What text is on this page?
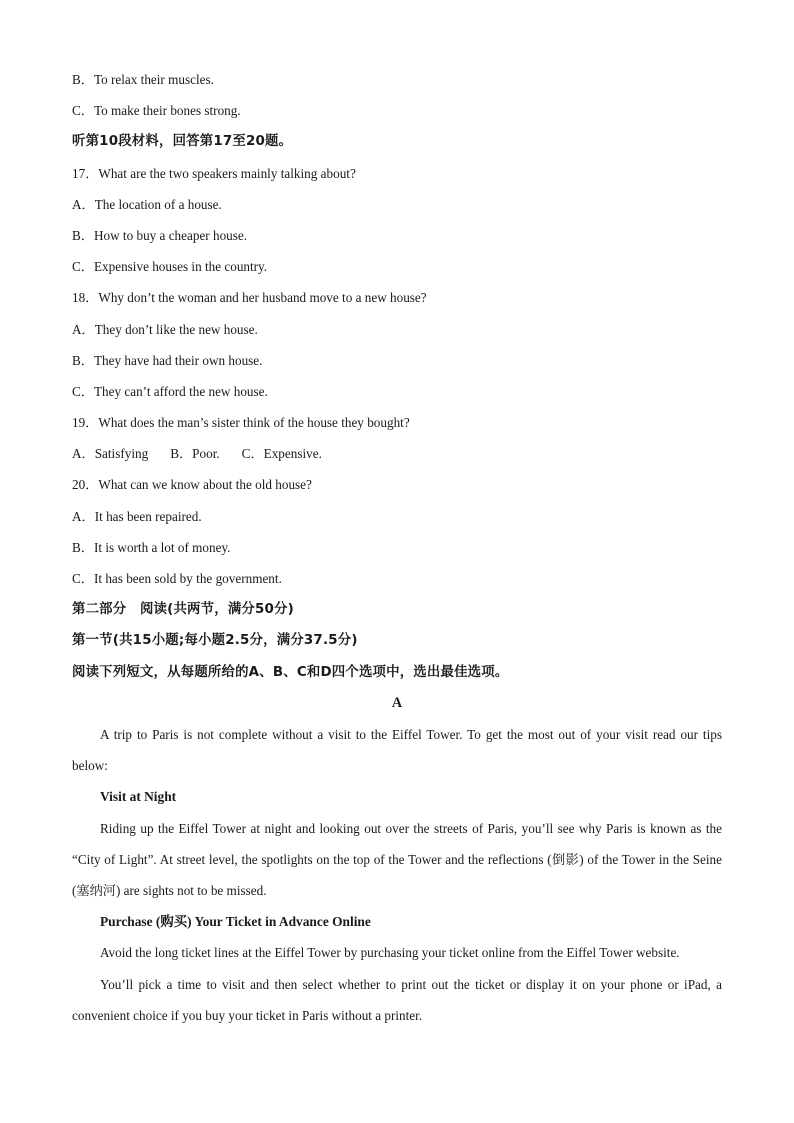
B．To relax their muscles.

C．To make their bones strong.

听第10段材料，回答第17至20题。

17．What are the two speakers mainly talking about?

A．The location of a house.

B．How to buy a cheaper house.

C．Expensive houses in the country.

18．Why don’t the woman and her husband move to a new house?

A．They don’t like the new house.

B．They have had their own house.

C．They can’t afford the new house.

19．What does the man’s sister think of the house they bought?

A．Satisfying B．Poor. C．Expensive.

20．What can we know about the old house?

A．It has been repaired.

B．It is worth a lot of money.

C．It has been sold by the government.

第二部分　阅读(共两节，满分50分)

第一节(共15小题;每小题2.5分，满分37.5分)

阅读下列短文，从每题所给的A、B、C和D四个选项中，选出最佳选项。

A

A trip to Paris is not complete without a visit to the Eiffel Tower. To get the most out of your visit read our tips below:

Visit at Night

Riding up the Eiffel Tower at night and looking out over the streets of Paris, you’ll see why Paris is known as the “City of Light”. At street level, the spotlights on the top of the Tower and the reflections (倒影) of the Tower in the Seine (塞纳河) are sights not to be missed.

Purchase (购买) Your Ticket in Advance Online

Avoid the long ticket lines at the Eiffel Tower by purchasing your ticket online from the Eiffel Tower website.

You’ll pick a time to visit and then select whether to print out the ticket or display it on your phone or iPad, a convenient choice if you buy your ticket in Paris without a printer.
